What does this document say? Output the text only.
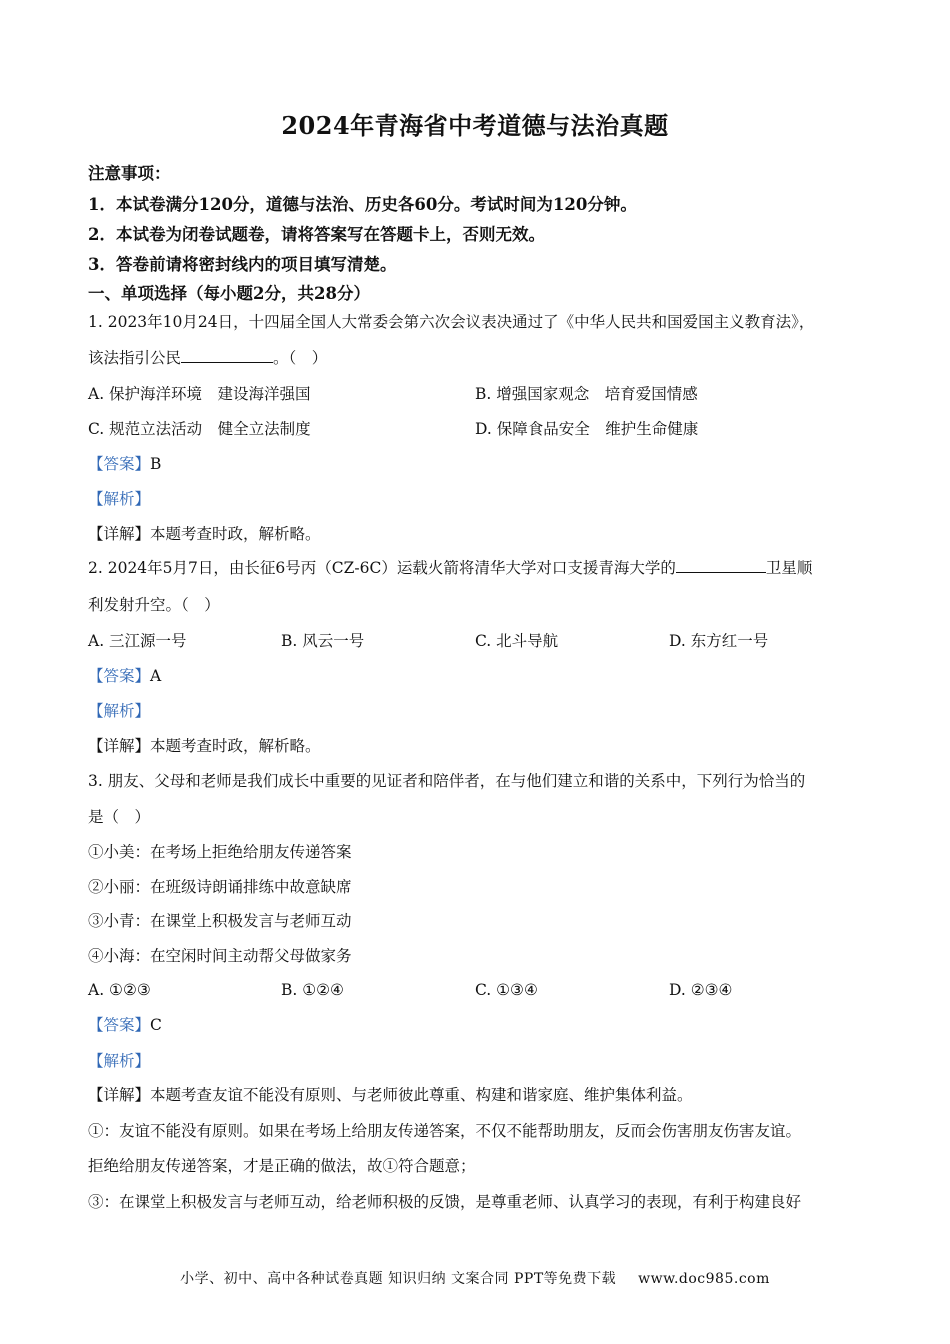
2024年青海省中考道德与法治真题
注意事项：
1．本试卷满分120分，道德与法治、历史各60分。考试时间为120分钟。
2．本试卷为闭卷试题卷，请将答案写在答题卡上，否则无效。
3．答卷前请将密封线内的项目填写清楚。
一、单项选择（每小题2分，共28分）
1. 2023年10月24日，十四届全国人大常委会第六次会议表决通过了《中华人民共和国爱国主义教育法》，
该法指引公民	。（　）
A. 保护海洋环境　建设海洋强国	B. 增强国家观念　培育爱国情感
C. 规范立法活动　健全立法制度	D. 保障食品安全　维护生命健康
【答案】B
【解析】
【详解】本题考查时政，解析略。
2. 2024年5月7日，由长征6号丙（CZ-6C）运载火箭将清华大学对口支援青海大学的	卫星顺
利发射升空。（　）
A. 三江源一号	B. 风云一号	C. 北斗导航	D. 东方红一号
【答案】A
【解析】
【详解】本题考查时政，解析略。
3. 朋友、父母和老师是我们成长中重要的见证者和陪伴者，在与他们建立和谐的关系中，下列行为恰当的
是（　）
①小美：在考场上拒绝给朋友传递答案
②小丽：在班级诗朗诵排练中故意缺席
③小青：在课堂上积极发言与老师互动
④小海：在空闲时间主动帮父母做家务
A. ①②③	B. ①②④	C. ①③④	D. ②③④
【答案】C
【解析】
【详解】本题考查友谊不能没有原则、与老师彼此尊重、构建和谐家庭、维护集体利益。
①：友谊不能没有原则。如果在考场上给朋友传递答案，不仅不能帮助朋友，反而会伤害朋友伤害友谊。
拒绝给朋友传递答案，才是正确的做法，故①符合题意；
③：在课堂上积极发言与老师互动，给老师积极的反馈，是尊重老师、认真学习的表现，有利于构建良好
小学、初中、高中各种试卷真题 知识归纳 文案合同 PPT等免费下载 www.doc985.com
